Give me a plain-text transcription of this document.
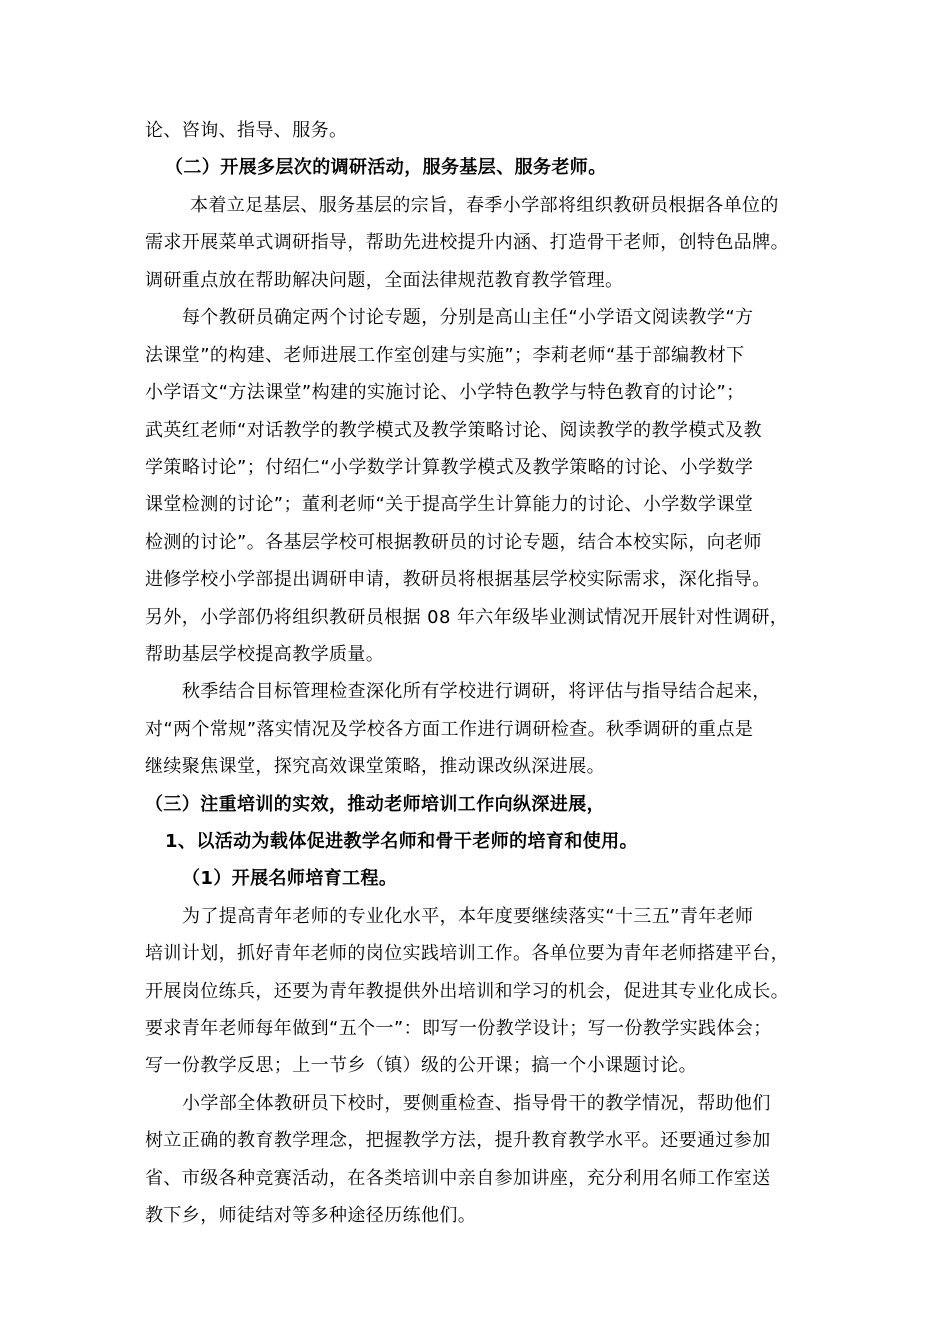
论、咨询、指导、服务。
（二）开展多层次的调研活动，服务基层、服务老师。
本着立足基层、服务基层的宗旨，春季小学部将组织教研员根据各单位的
需求开展菜单式调研指导，帮助先进校提升内涵、打造骨干老师，创特色品牌。
调研重点放在帮助解决问题，全面法律规范教育教学管理。
每个教研员确定两个讨论专题，分别是高山主任“小学语文阅读教学“方
法课堂”的构建、老师进展工作室创建与实施”；李莉老师“基于部编教材下
小学语文“方法课堂”构建的实施讨论、小学特色教学与特色教育的讨论”；
武英红老师“对话教学的教学模式及教学策略讨论、阅读教学的教学模式及教
学策略讨论”；付绍仁“小学数学计算教学模式及教学策略的讨论、小学数学
课堂检测的讨论”；董利老师“关于提高学生计算能力的讨论、小学数学课堂
检测的讨论”。各基层学校可根据教研员的讨论专题，结合本校实际，向老师
进修学校小学部提出调研申请，教研员将根据基层学校实际需求，深化指导。
另外，小学部仍将组织教研员根据 08 年六年级毕业测试情况开展针对性调研，
帮助基层学校提高教学质量。
秋季结合目标管理检查深化所有学校进行调研，将评估与指导结合起来，
对“两个常规”落实情况及学校各方面工作进行调研检查。秋季调研的重点是
继续聚焦课堂，探究高效课堂策略，推动课改纵深进展。
（三）注重培训的实效，推动老师培训工作向纵深进展，
1、以活动为载体促进教学名师和骨干老师的培育和使用。
（1）开展名师培育工程。
为了提高青年老师的专业化水平，本年度要继续落实“十三五”青年老师
培训计划，抓好青年老师的岗位实践培训工作。各单位要为青年老师搭建平台，
开展岗位练兵，还要为青年教提供外出培训和学习的机会，促进其专业化成长。
要求青年老师每年做到“五个一”：即写一份教学设计；写一份教学实践体会；
写一份教学反思；上一节乡（镇）级的公开课；搞一个小课题讨论。
小学部全体教研员下校时，要侧重检查、指导骨干的教学情况，帮助他们
树立正确的教育教学理念，把握教学方法，提升教育教学水平。还要通过参加
省、市级各种竞赛活动，在各类培训中亲自参加讲座，充分利用名师工作室送
教下乡，师徒结对等多种途径历练他们。
